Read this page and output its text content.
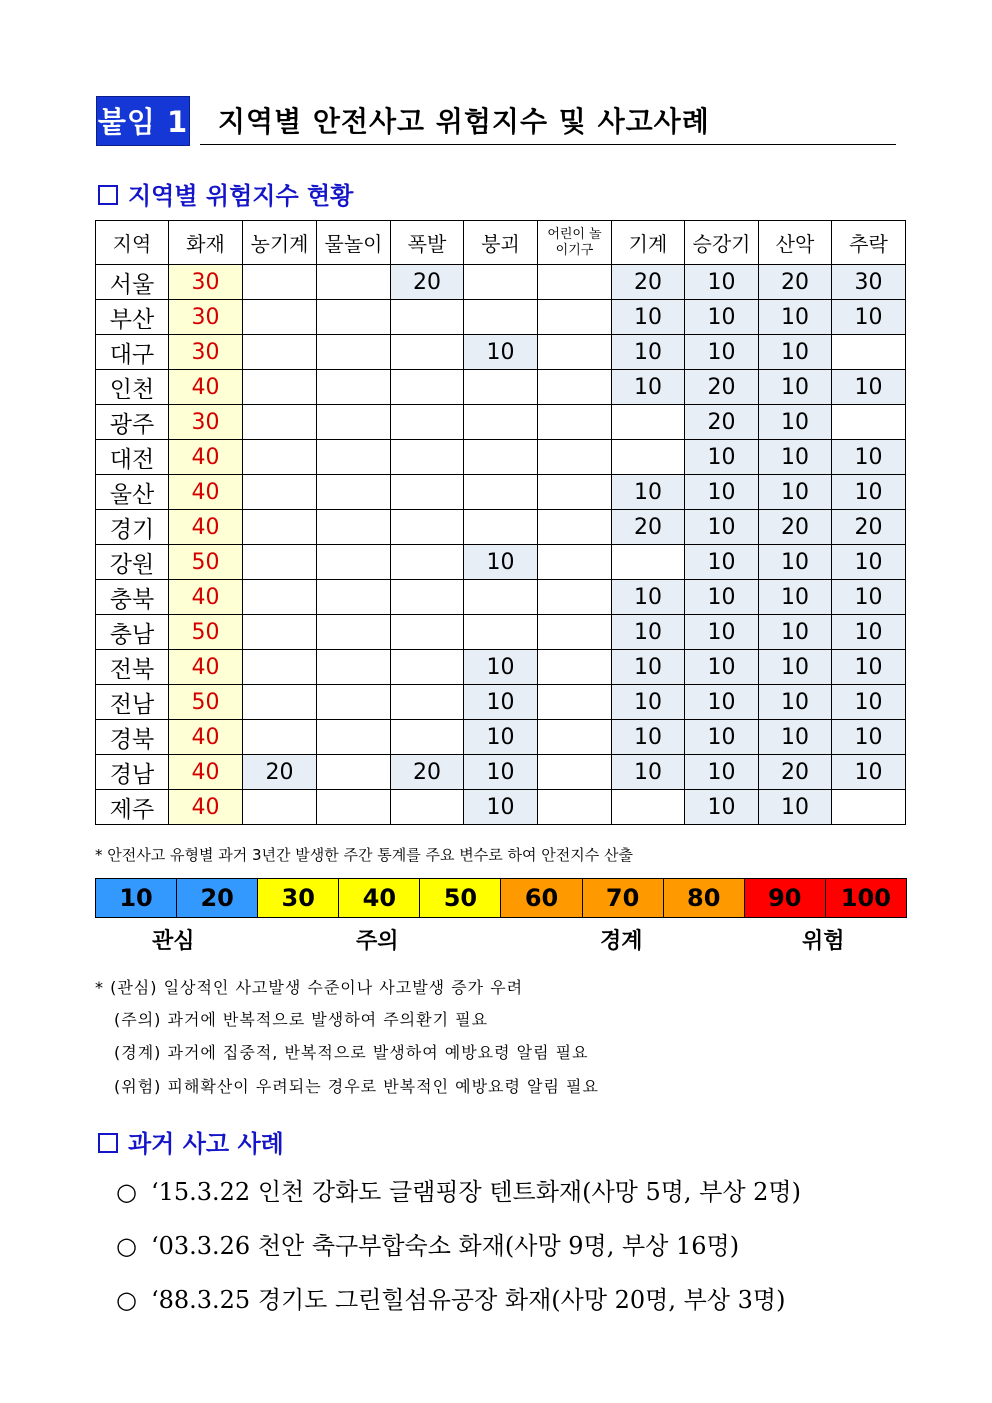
붙임 1 지역별 안전사고 위험지수 및 사고사례
지역별 위험지수 현황
지역	화재	농기계	물놀이	폭발	붕괴	어린이 놀이기구	기계	승강기	산악	추락
서울	30			20			20	10	20	30
부산	30						10	10	10	10
대구	30				10		10	10	10	
인천	40						10	20	10	10
광주	30							20	10	
대전	40							10	10	10
울산	40						10	10	10	10
경기	40						20	10	20	20
강원	50				10			10	10	10
충북	40						10	10	10	10
충남	50						10	10	10	10
전북	40				10		10	10	10	10
전남	50				10		10	10	10	10
경북	40				10		10	10	10	10
경남	40	20		20	10		10	10	20	10
제주	40				10			10	10	
* 안전사고 유형별 과거 3년간 발생한 주간 통계를 주요 변수로 하여 안전지수 산출
10	20	30	40	50	60	70	80	90	100
관심	주의	경계	위험
* (관심) 일상적인 사고발생 수준이나 사고발생 증가 우려
(주의) 과거에 반복적으로 발생하여 주의환기 필요
(경계) 과거에 집중적, 반복적으로 발생하여 예방요령 알림 필요
(위험) 피해확산이 우려되는 경우로 반복적인 예방요령 알림 필요
과거 사고 사례
○ ‘15.3.22 인천 강화도 글램핑장 텐트화재(사망 5명, 부상 2명)
○ ‘03.3.26 천안 축구부합숙소 화재(사망 9명, 부상 16명)
○ ‘88.3.25 경기도 그린힐섬유공장 화재(사망 20명, 부상 3명)
